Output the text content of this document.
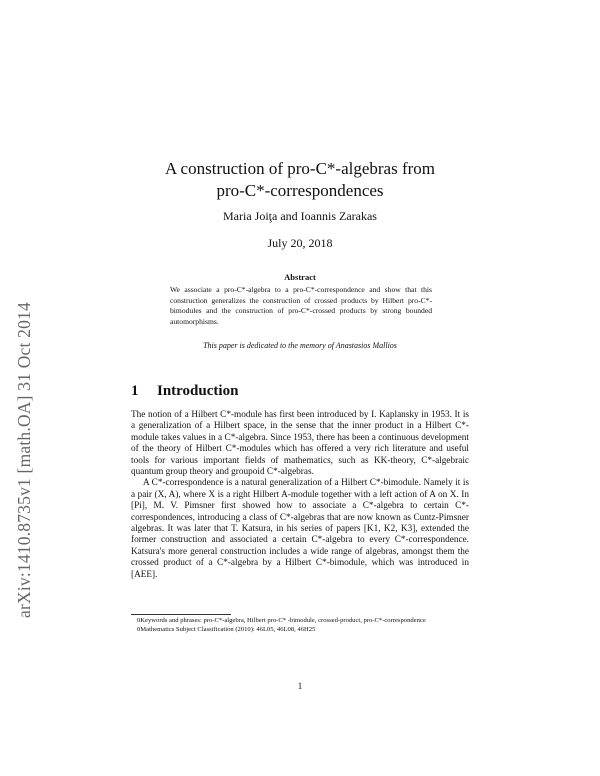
arXiv:1410.8735v1 [math.OA] 31 Oct 2014
A construction of pro-C*-algebras from
pro-C*-correspondences
Maria Joiţa and Ioannis Zarakas
July 20, 2018
Abstract
We associate a pro-C*-algebra to a pro-C*-correspondence and show that this construction generalizes the construction of crossed products by Hilbert pro-C*-bimodules and the construction of pro-C*-crossed products by strong bounded automorphisms.
This paper is dedicated to the memory of Anastasios Mallios
1 Introduction

The notion of a Hilbert C*-module has first been introduced by I. Kaplansky in 1953. It is a generalization of a Hilbert space, in the sense that the inner product in a Hilbert C*-module takes values in a C*-algebra. Since 1953, there has been a continuous development of the theory of Hilbert C*-modules which has offered a very rich literature and useful tools for various important fields of mathematics, such as KK-theory, C*-algebraic quantum group theory and groupoid C*-algebras.

A C*-correspondence is a natural generalization of a Hilbert C*-bimodule. Namely it is a pair (X, A), where X is a right Hilbert A-module together with a left action of A on X. In [Pi], M. V. Pimsner first showed how to associate a C*-algebra to certain C*-correspondences, introducing a class of C*-algebras that are now known as Cuntz-Pimsner algebras. It was later that T. Katsura, in his series of papers [K1, K2, K3], extended the former construction and associated a certain C*-algebra to every C*-correspondence. Katsura's more general construction includes a wide range of algebras, amongst them the crossed product of a C*-algebra by a Hilbert C*-bimodule, which was introduced in [AEE].

0Keywords and phrases: pro-C*-algebra, Hilbert pro-C* -bimodule, crossed-product, pro-C*-correspondence

0Mathematics Subject Classification (2010): 46L05, 46L08, 46H25

1
